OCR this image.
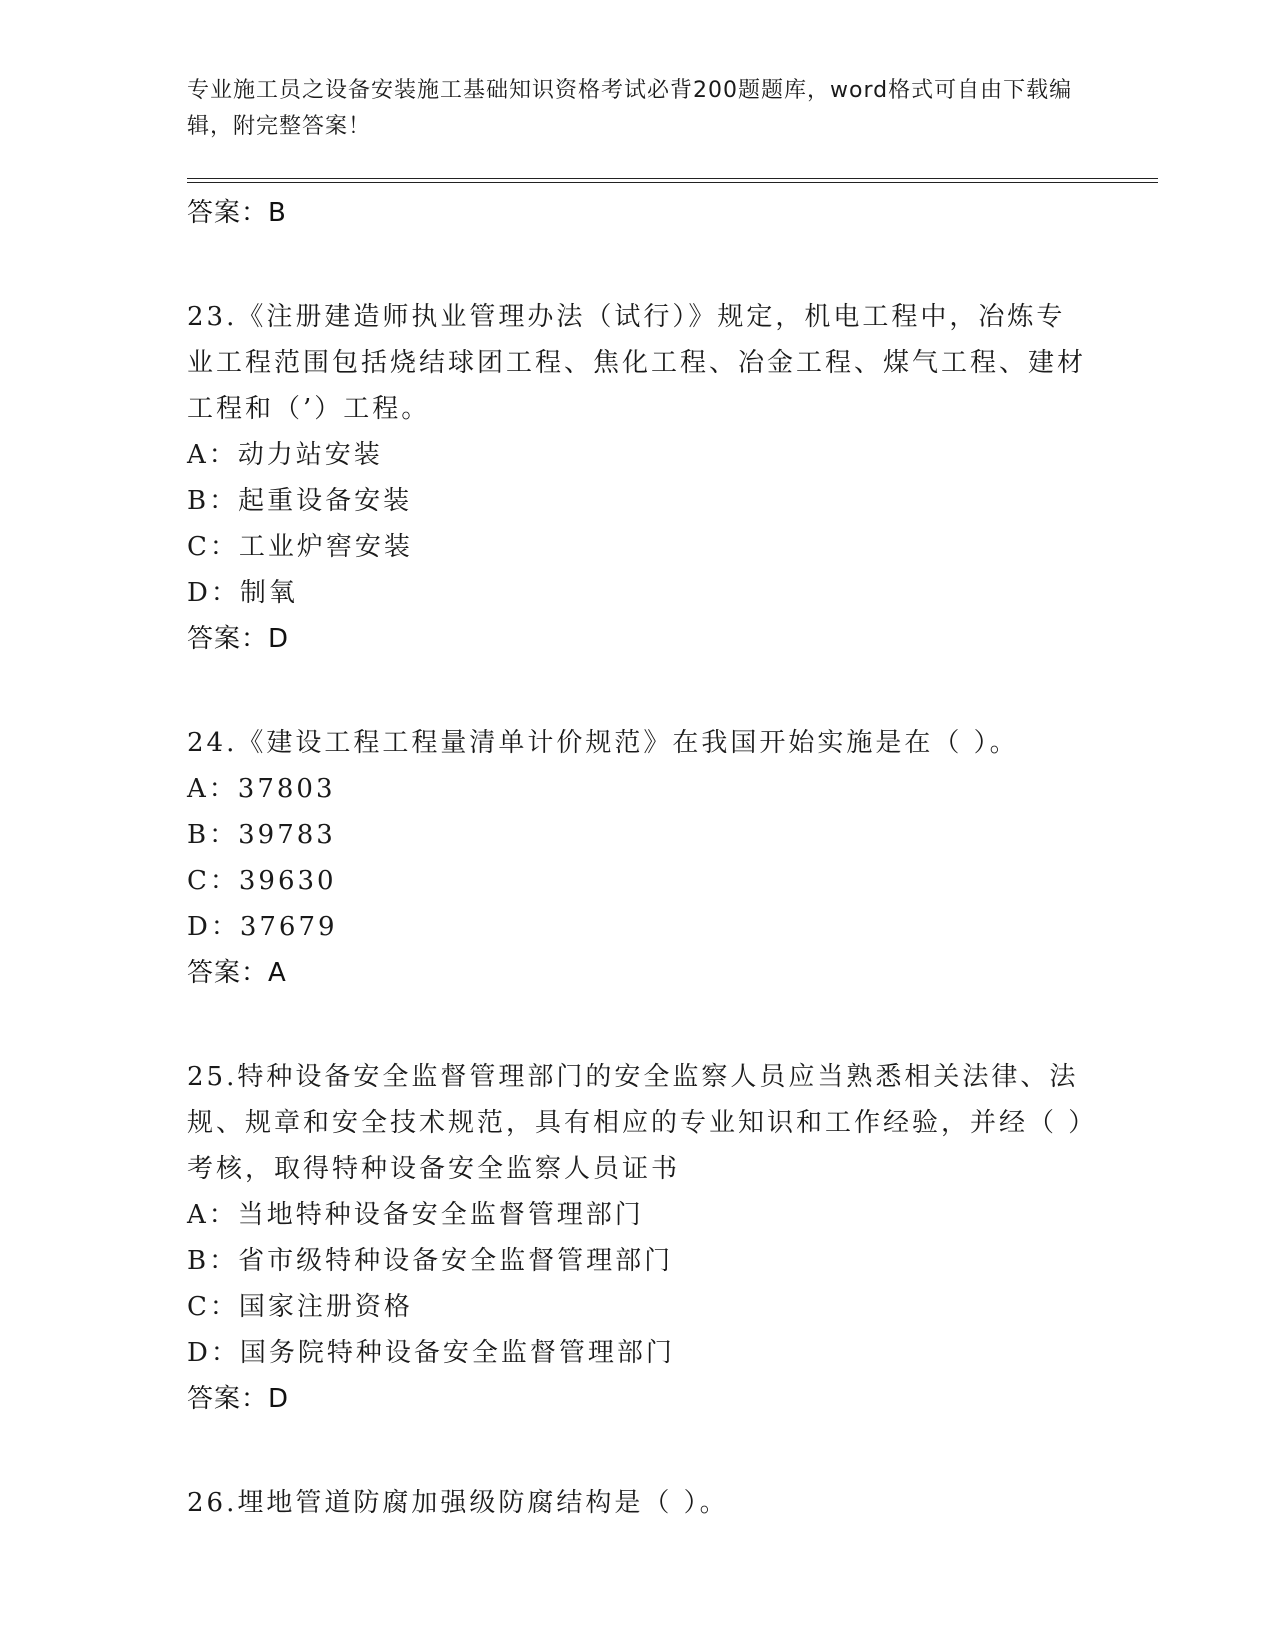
专业施工员之设备安装施工基础知识资格考试必背200题题库，word格式可自由下载编辑，附完整答案！
答案：B
23.《注册建造师执业管理办法（试行）》规定，机电工程中，冶炼专业工程范围包括烧结球团工程、焦化工程、冶金工程、煤气工程、建材工程和（’）工程。
A：动力站安装
B：起重设备安装
C：工业炉窖安装
D：制氧
答案：D
24.《建设工程工程量清单计价规范》在我国开始实施是在（ ）。
A：37803
B：39783
C：39630
D：37679
答案：A
25.特种设备安全监督管理部门的安全监察人员应当熟悉相关法律、法规、规章和安全技术规范，具有相应的专业知识和工作经验，并经（ ）考核，取得特种设备安全监察人员证书
A：当地特种设备安全监督管理部门
B：省市级特种设备安全监督管理部门
C：国家注册资格
D：国务院特种设备安全监督管理部门
答案：D
26.埋地管道防腐加强级防腐结构是（ ）。
